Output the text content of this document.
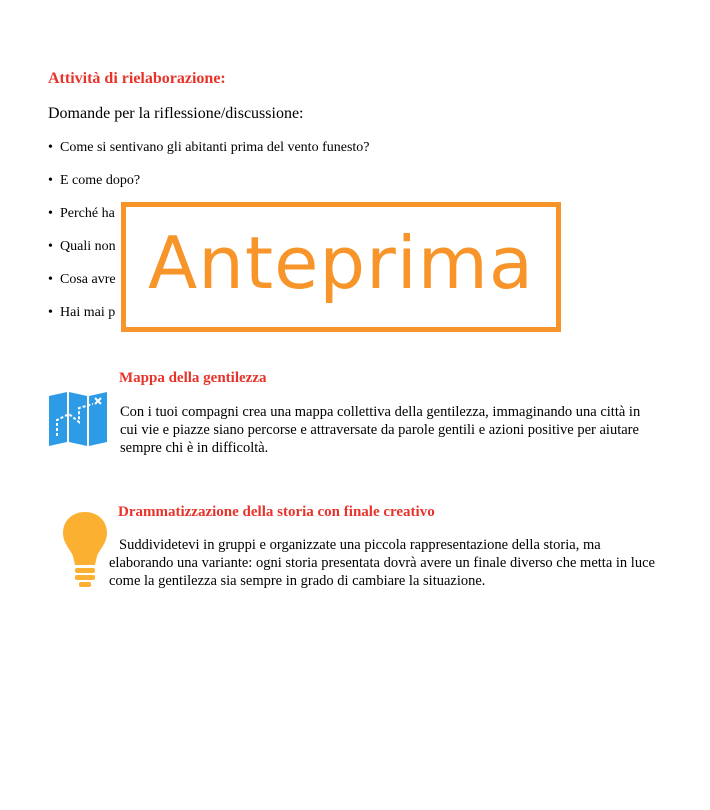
Attività di rielaborazione:

Domande per la riflessione/discussione:

• Come si sentivano gli abitanti prima del vento funesto?
• E come dopo?
• Perché ha
• Quali non
• Cosa avre
• Hai mai p
Anteprima
Mappa della gentilezza

Con i tuoi compagni crea una mappa collettiva della gentilezza, immaginando una città in cui vie e piazze siano percorse e attraversate da parole gentili e azioni positive per aiutare sempre chi è in difficoltà.

Drammatizzazione della storia con finale creativo

Suddividetevi in gruppi e organizzate una piccola rappresentazione della storia, ma elaborando una variante: ogni storia presentata dovrà avere un finale diverso che metta in luce come la gentilezza sia sempre in grado di cambiare la situazione.
